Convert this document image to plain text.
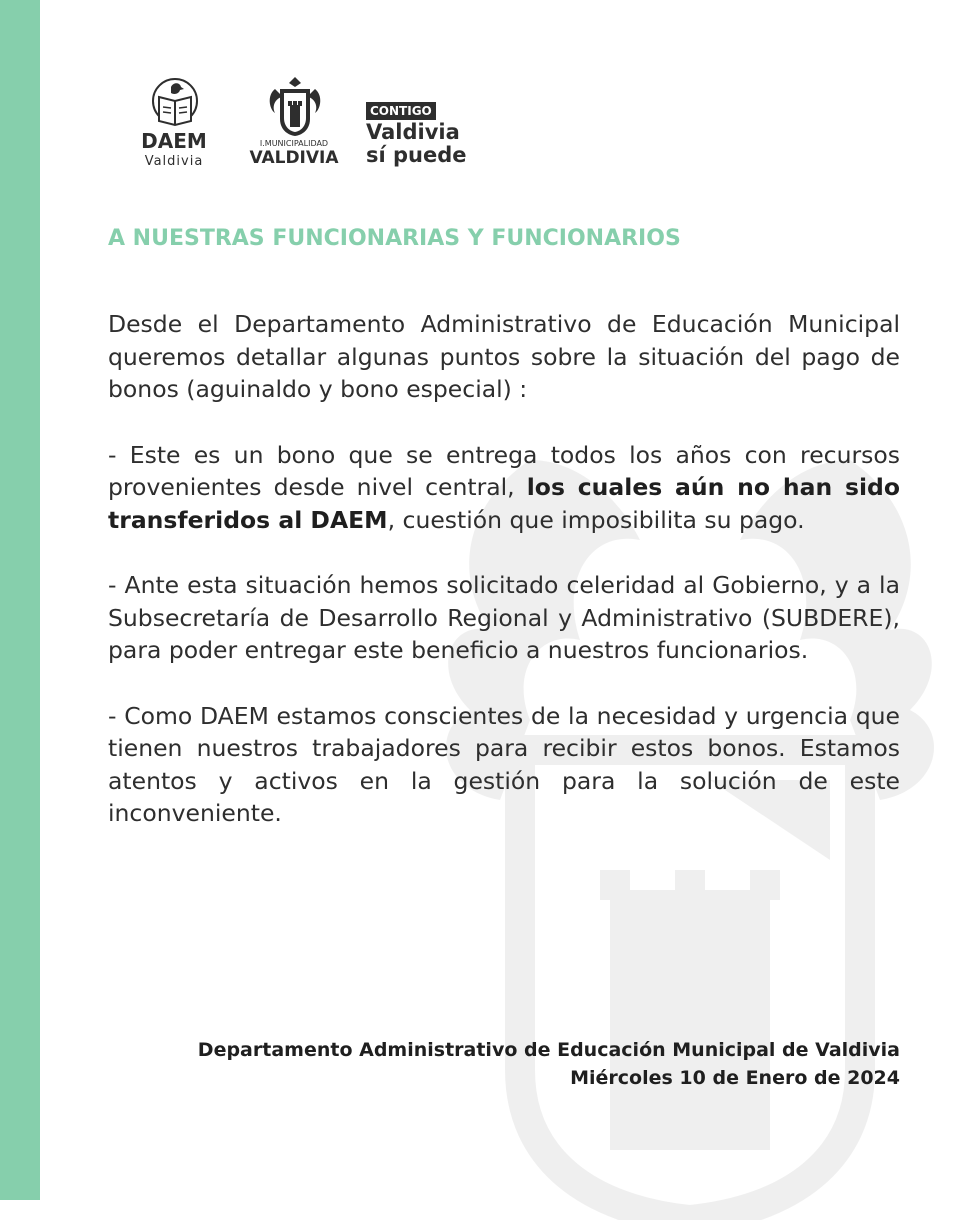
DAEM
Valdivia
I.MUNICIPALIDAD
VALDIVIA
CONTIGO
Valdivia
sí puede
A NUESTRAS FUNCIONARIAS Y FUNCIONARIOS

Desde el Departamento Administrativo de Educación Municipal queremos detallar algunas puntos sobre la situación del pago de bonos (aguinaldo y bono especial) :

- Este es un bono que se entrega todos los años con recursos provenientes desde nivel central, los cuales aún no han sido transferidos al DAEM, cuestión que imposibilita su pago.

- Ante esta situación hemos solicitado celeridad al Gobierno, y a la Subsecretaría de Desarrollo Regional y Administrativo (SUBDERE), para poder entregar este beneficio a nuestros funcionarios.

- Como DAEM estamos conscientes de la necesidad y urgencia que tienen nuestros trabajadores para recibir estos bonos. Estamos atentos y activos en la gestión para la solución de este inconveniente.

Departamento Administrativo de Educación Municipal de Valdivia
Miércoles 10 de Enero de 2024
